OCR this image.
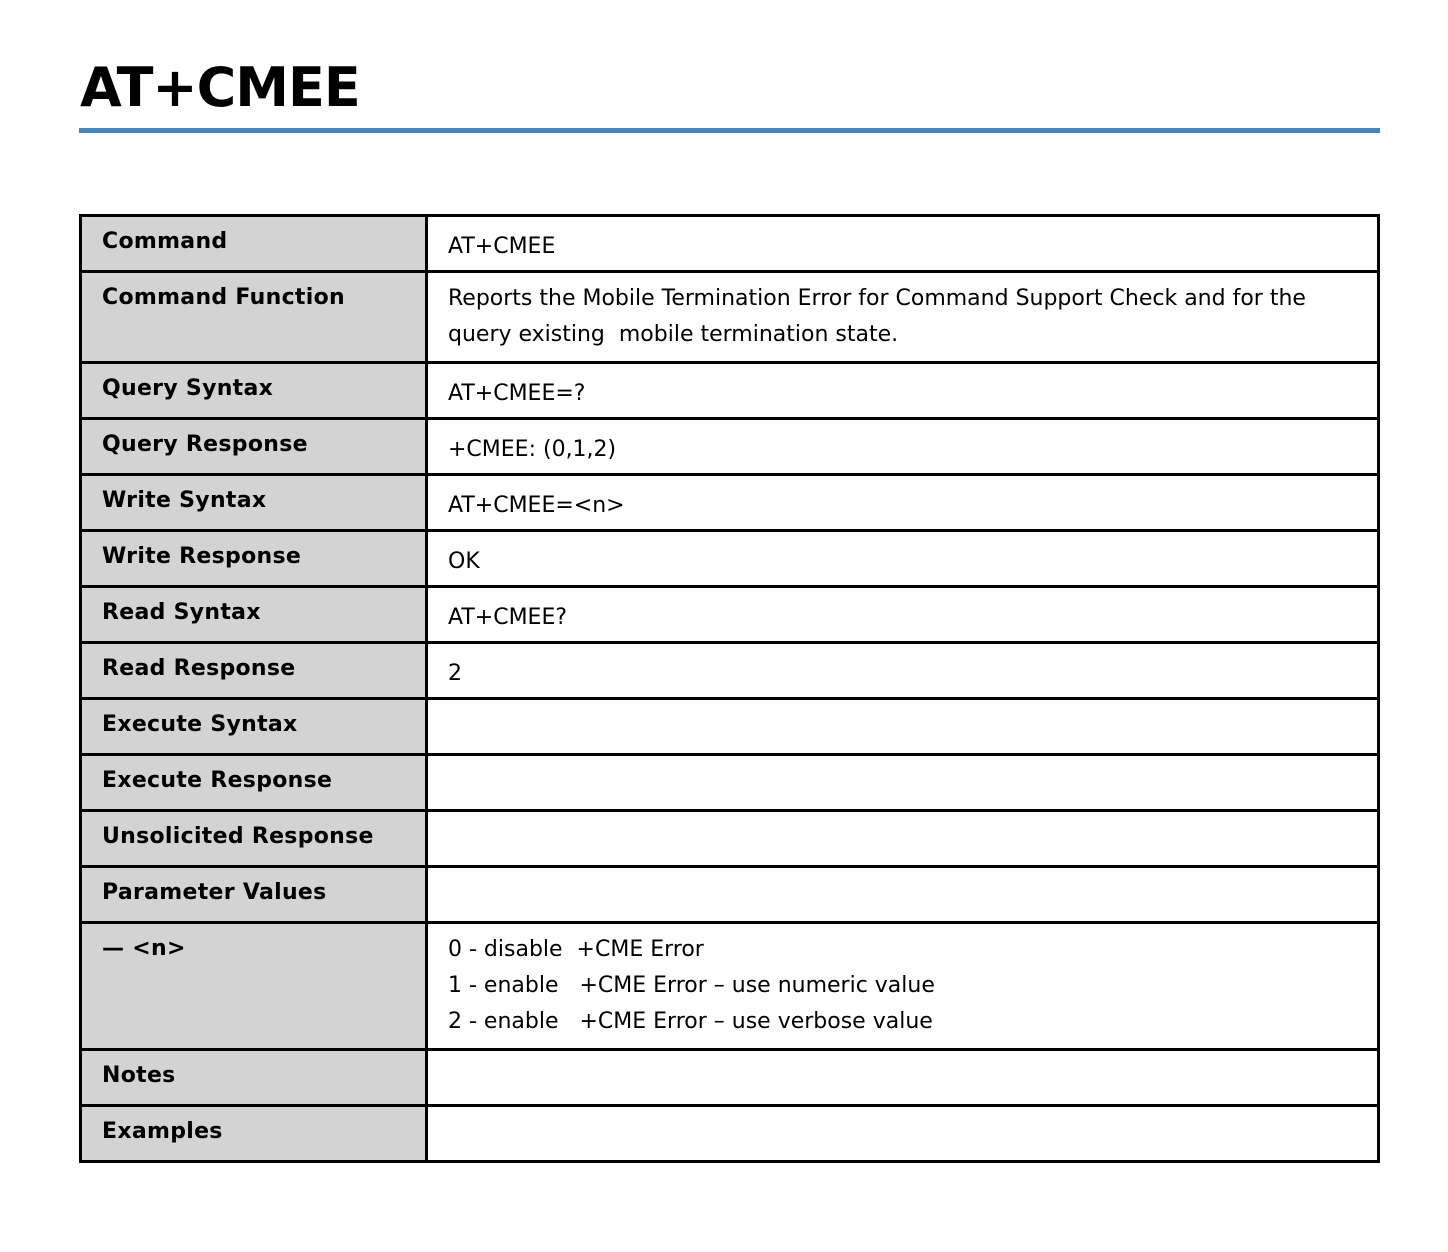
AT+CMEE
Command	AT+CMEE

Command Function	Reports the Mobile Termination Error for Command Support Check and for the
query existing  mobile termination state.

Query Syntax	AT+CMEE=?

Query Response	+CMEE: (0,1,2)

Write Syntax	AT+CMEE=<n>

Write Response	OK

Read Syntax	AT+CMEE?

Read Response	2

Execute Syntax	
Execute Response	
Unsolicited Response	
Parameter Values	
— <n>	0 - disable  +CME Error
1 - enable   +CME Error – use numeric value
2 - enable   +CME Error – use verbose value

Notes	
Examples	
